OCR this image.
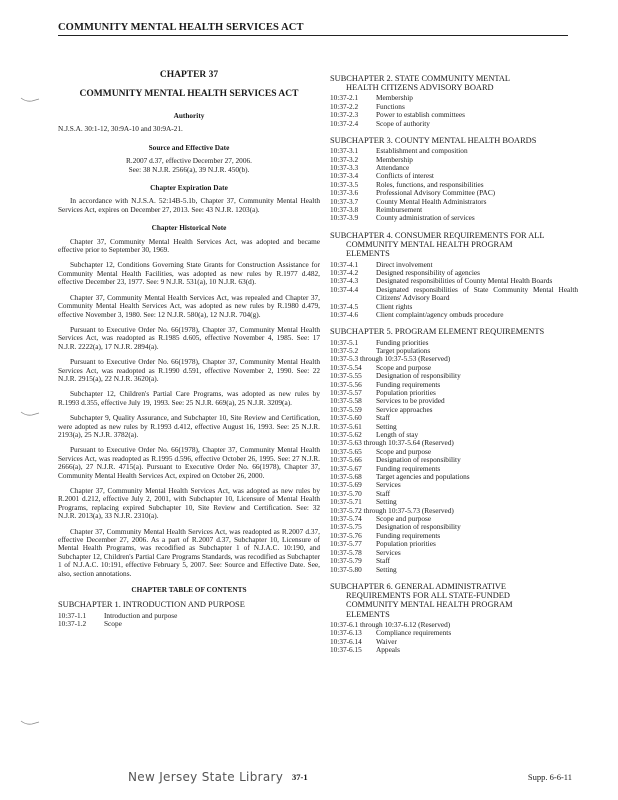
COMMUNITY MENTAL HEALTH SERVICES ACT
CHAPTER 37
COMMUNITY MENTAL HEALTH SERVICES ACT
Authority
N.J.S.A. 30:1-12, 30:9A-10 and 30:9A-21.
Source and Effective Date
R.2007 d.37, effective December 27, 2006.
See: 38 N.J.R. 2566(a), 39 N.J.R. 450(b).
Chapter Expiration Date
In accordance with N.J.S.A. 52:14B-5.1b, Chapter 37, Community Mental Health Services Act, expires on December 27, 2013. See: 43 N.J.R. 1203(a).
Chapter Historical Note
Chapter 37, Community Mental Health Services Act, was adopted and became effective prior to September 30, 1969.
Subchapter 12, Conditions Governing State Grants for Construction Assistance for Community Mental Health Facilities, was adopted as new rules by R.1977 d.482, effective December 23, 1977. See: 9 N.J.R. 531(a), 10 N.J.R. 63(d).
Chapter 37, Community Mental Health Services Act, was repealed and Chapter 37, Community Mental Health Services Act, was adopted as new rules by R.1980 d.479, effective November 3, 1980. See: 12 N.J.R. 580(a), 12 N.J.R. 704(g).
Pursuant to Executive Order No. 66(1978), Chapter 37, Community Mental Health Services Act, was readopted as R.1985 d.605, effective November 4, 1985. See: 17 N.J.R. 2222(a), 17 N.J.R. 2894(a).
Pursuant to Executive Order No. 66(1978), Chapter 37, Community Mental Health Services Act, was readopted as R.1990 d.591, effective November 2, 1990. See: 22 N.J.R. 2915(a), 22 N.J.R. 3620(a).
Subchapter 12, Children's Partial Care Programs, was adopted as new rules by R.1993 d.355, effective July 19, 1993. See: 25 N.J.R. 669(a), 25 N.J.R. 3209(a).
Subchapter 9, Quality Assurance, and Subchapter 10, Site Review and Certification, were adopted as new rules by R.1993 d.412, effective August 16, 1993. See: 25 N.J.R. 2193(a), 25 N.J.R. 3782(a).
Pursuant to Executive Order No. 66(1978), Chapter 37, Community Mental Health Services Act, was readopted as R.1995 d.596, effective October 26, 1995. See: 27 N.J.R. 2666(a), 27 N.J.R. 4715(a). Pursuant to Executive Order No. 66(1978), Chapter 37, Community Mental Health Services Act, expired on October 26, 2000.
Chapter 37, Community Mental Health Services Act, was adopted as new rules by R.2001 d.212, effective July 2, 2001, with Subchapter 10, Licensure of Mental Health Programs, replacing expired Subchapter 10, Site Review and Certification. See: 32 N.J.R. 2013(a), 33 N.J.R. 2310(a).
Chapter 37, Community Mental Health Services Act, was readopted as R.2007 d.37, effective December 27, 2006. As a part of R.2007 d.37, Subchapter 10, Licensure of Mental Health Programs, was recodified as Subchapter 1 of N.J.A.C. 10:190, and Subchapter 12, Children's Partial Care Programs Standards, was recodified as Subchapter 1 of N.J.A.C. 10:191, effective February 5, 2007. See: Source and Effective Date. See, also, section annotations.
CHAPTER TABLE OF CONTENTS
SUBCHAPTER 1. INTRODUCTION AND PURPOSE
10:37-1.1	Introduction and purpose
10:37-1.2	Scope
SUBCHAPTER 2. STATE COMMUNITY MENTAL
HEALTH CITIZENS ADVISORY BOARD
10:37-2.1	Membership
10:37-2.2	Functions
10:37-2.3	Power to establish committees
10:37-2.4	Scope of authority
SUBCHAPTER 3. COUNTY MENTAL HEALTH BOARDS
10:37-3.1	Establishment and composition
10:37-3.2	Membership
10:37-3.3	Attendance
10:37-3.4	Conflicts of interest
10:37-3.5	Roles, functions, and responsibilities
10:37-3.6	Professional Advisory Committee (PAC)
10:37-3.7	County Mental Health Administrators
10:37-3.8	Reimbursement
10:37-3.9	County administration of services
SUBCHAPTER 4. CONSUMER REQUIREMENTS FOR ALL
COMMUNITY MENTAL HEALTH PROGRAM
ELEMENTS
10:37-4.1	Direct involvement
10:37-4.2	Designed responsibility of agencies
10:37-4.3	Designated responsibilities of County Mental Health Boards
10:37-4.4	Designated responsibilities of State Community Mental Health Citizens' Advisory Board
10:37-4.5	Client rights
10:37-4.6	Client complaint/agency ombuds procedure
SUBCHAPTER 5. PROGRAM ELEMENT REQUIREMENTS
10:37-5.1	Funding priorities
10:37-5.2	Target populations
10:37-5.3 through 10:37-5.53 (Reserved)
10:37-5.54	Scope and purpose
10:37-5.55	Designation of responsibility
10:37-5.56	Funding requirements
10:37-5.57	Population priorities
10:37-5.58	Services to be provided
10:37-5.59	Service approaches
10:37-5.60	Staff
10:37-5.61	Setting
10:37-5.62	Length of stay
10:37-5.63 through 10:37-5.64 (Reserved)
10:37-5.65	Scope and purpose
10:37-5.66	Designation of responsibility
10:37-5.67	Funding requirements
10:37-5.68	Target agencies and populations
10:37-5.69	Services
10:37-5.70	Staff
10:37-5.71	Setting
10:37-5.72 through 10:37-5.73 (Reserved)
10:37-5.74	Scope and purpose
10:37-5.75	Designation of responsibility
10:37-5.76	Funding requirements
10:37-5.77	Population priorities
10:37-5.78	Services
10:37-5.79	Staff
10:37-5.80	Setting
SUBCHAPTER 6. GENERAL ADMINISTRATIVE
REQUIREMENTS FOR ALL STATE-FUNDED
COMMUNITY MENTAL HEALTH PROGRAM
ELEMENTS
10:37-6.1 through 10:37-6.12 (Reserved)
10:37-6.13	Compliance requirements
10:37-6.14	Waiver
10:37-6.15	Appeals
New Jersey State Library 37-1	Supp. 6-6-11
